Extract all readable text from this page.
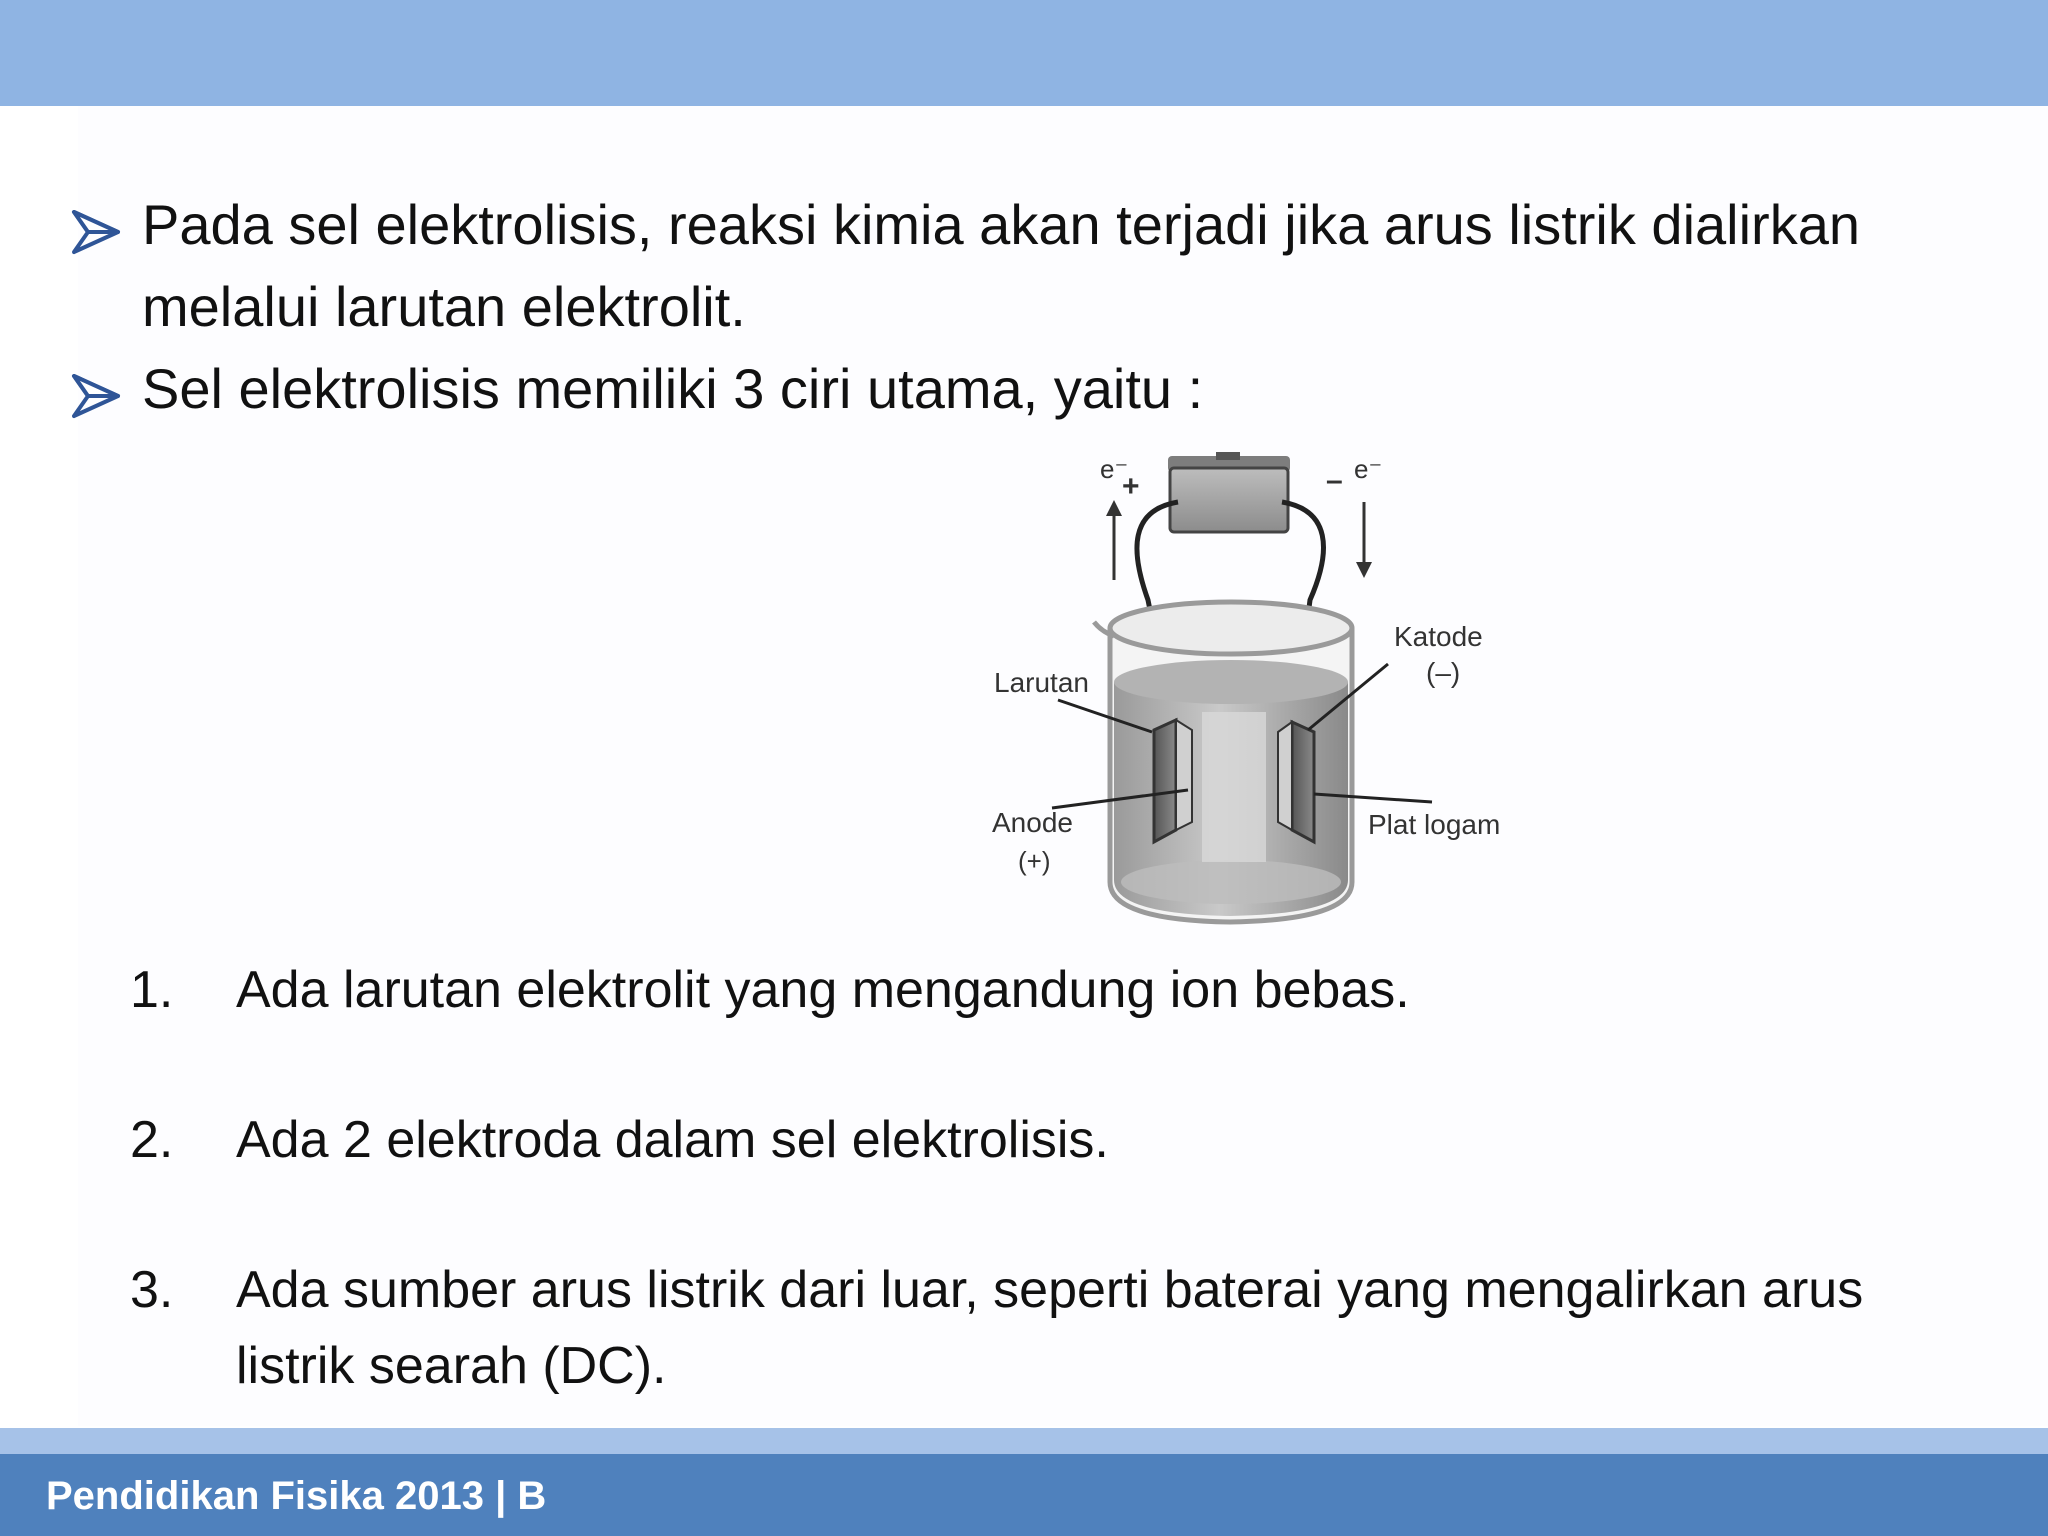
Pada sel elektrolisis, reaksi kimia akan terjadi jika arus listrik dialirkan melalui larutan elektrolit.
Sel elektrolisis memiliki 3 ciri utama, yaitu :
e⁻
+	– e⁻
Larutan
Katode
(–)
Anode
(+)
Plat logam
1.	Ada larutan elektrolit yang mengandung ion bebas.
2.	Ada 2 elektroda dalam sel elektrolisis.
3.	Ada sumber arus listrik dari luar, seperti baterai yang mengalirkan arus listrik searah (DC).
Pendidikan Fisika 2013 | B
